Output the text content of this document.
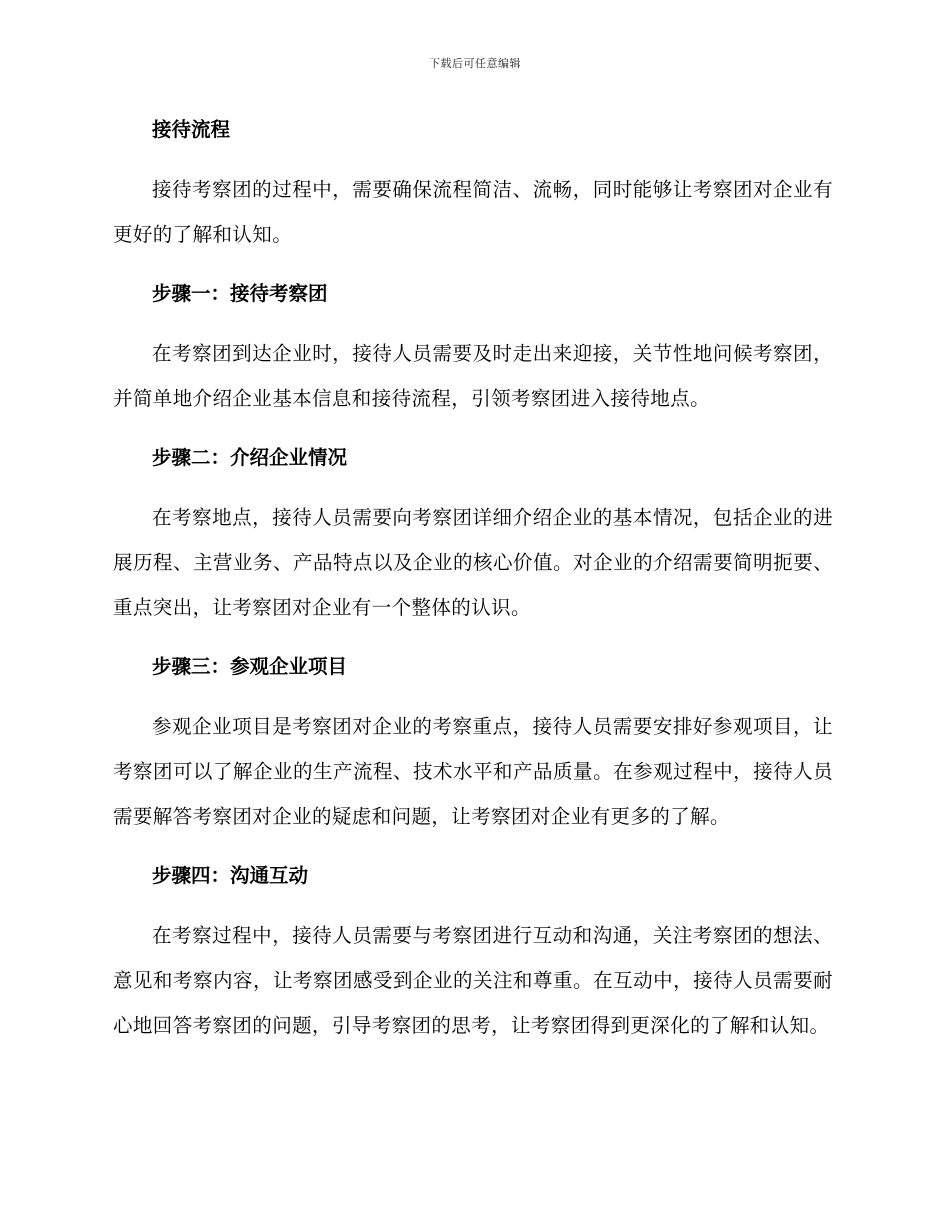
下载后可任意编辑
接待流程
接待考察团的过程中，需要确保流程简洁、流畅，同时能够让考察团对企业有更好的了解和认知。
步骤一：接待考察团
在考察团到达企业时，接待人员需要及时走出来迎接，关节性地问候考察团，并简单地介绍企业基本信息和接待流程，引领考察团进入接待地点。
步骤二：介绍企业情况
在考察地点，接待人员需要向考察团详细介绍企业的基本情况，包括企业的进展历程、主营业务、产品特点以及企业的核心价值。对企业的介绍需要简明扼要、重点突出，让考察团对企业有一个整体的认识。
步骤三：参观企业项目
参观企业项目是考察团对企业的考察重点，接待人员需要安排好参观项目，让考察团可以了解企业的生产流程、技术水平和产品质量。在参观过程中，接待人员需要解答考察团对企业的疑虑和问题，让考察团对企业有更多的了解。
步骤四：沟通互动
在考察过程中，接待人员需要与考察团进行互动和沟通，关注考察团的想法、意见和考察内容，让考察团感受到企业的关注和尊重。在互动中，接待人员需要耐心地回答考察团的问题，引导考察团的思考，让考察团得到更深化的了解和认知。
